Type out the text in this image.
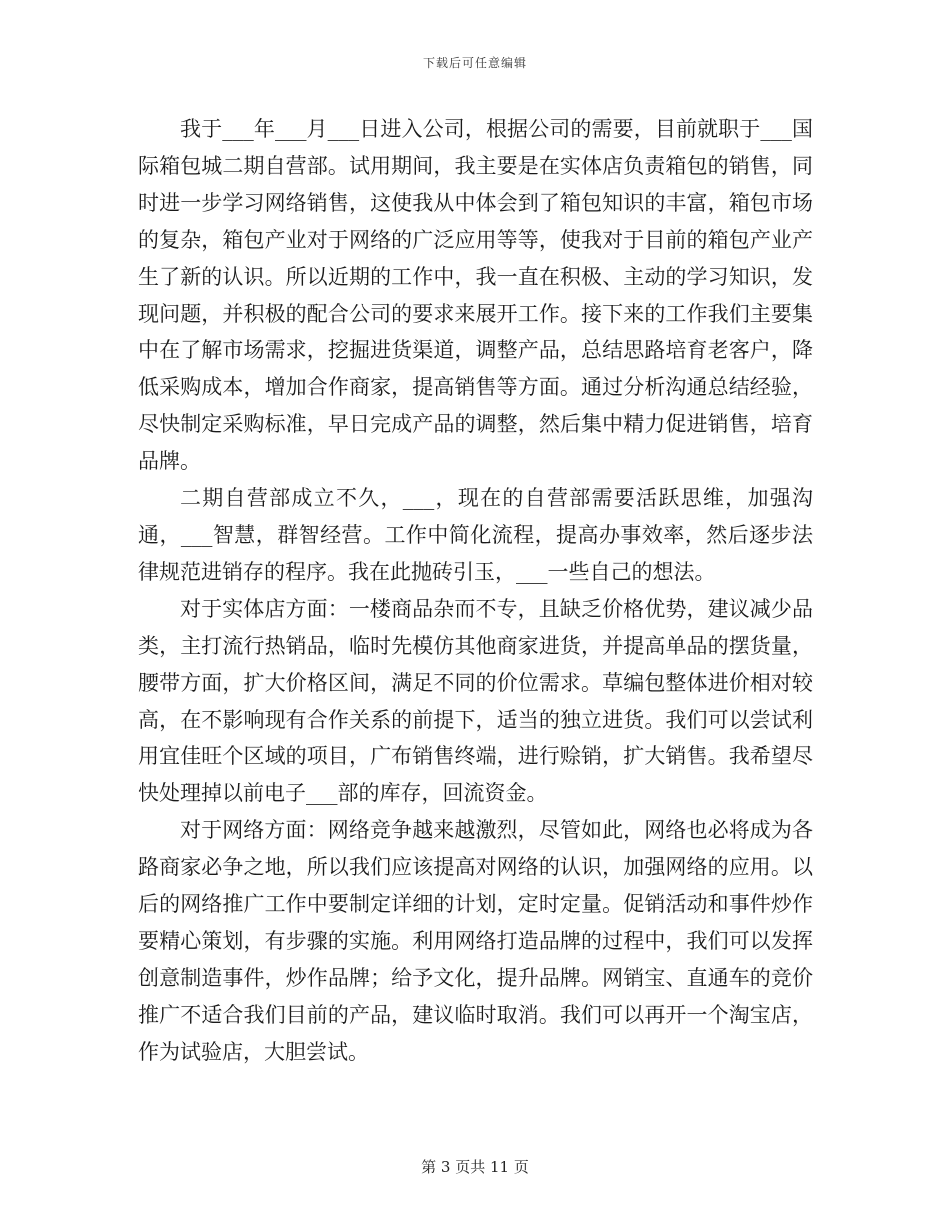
下载后可任意编辑

我于___年___月___日进入公司，根据公司的需要，目前就职于___国际箱包城二期自营部。试用期间，我主要是在实体店负责箱包的销售，同时进一步学习网络销售，这使我从中体会到了箱包知识的丰富，箱包市场的复杂，箱包产业对于网络的广泛应用等等，使我对于目前的箱包产业产生了新的认识。所以近期的工作中，我一直在积极、主动的学习知识，发现问题，并积极的配合公司的要求来展开工作。接下来的工作我们主要集中在了解市场需求，挖掘进货渠道，调整产品，总结思路培育老客户，降低采购成本，增加合作商家，提高销售等方面。通过分析沟通总结经验，尽快制定采购标准，早日完成产品的调整，然后集中精力促进销售，培育品牌。

二期自营部成立不久，___，现在的自营部需要活跃思维，加强沟通，___智慧，群智经营。工作中简化流程，提高办事效率，然后逐步法律规范进销存的程序。我在此抛砖引玉，___一些自己的想法。

对于实体店方面：一楼商品杂而不专，且缺乏价格优势，建议减少品类，主打流行热销品，临时先模仿其他商家进货，并提高单品的摆货量，腰带方面，扩大价格区间，满足不同的价位需求。草编包整体进价相对较高，在不影响现有合作关系的前提下，适当的独立进货。我们可以尝试利用宜佳旺个区域的项目，广布销售终端，进行赊销，扩大销售。我希望尽快处理掉以前电子___部的库存，回流资金。

对于网络方面：网络竞争越来越激烈，尽管如此，网络也必将成为各路商家必争之地，所以我们应该提高对网络的认识，加强网络的应用。以后的网络推广工作中要制定详细的计划，定时定量。促销活动和事件炒作要精心策划，有步骤的实施。利用网络打造品牌的过程中，我们可以发挥创意制造事件，炒作品牌；给予文化，提升品牌。网销宝、直通车的竞价推广不适合我们目前的产品，建议临时取消。我们可以再开一个淘宝店，作为试验店，大胆尝试。

第 3 页共 11 页
